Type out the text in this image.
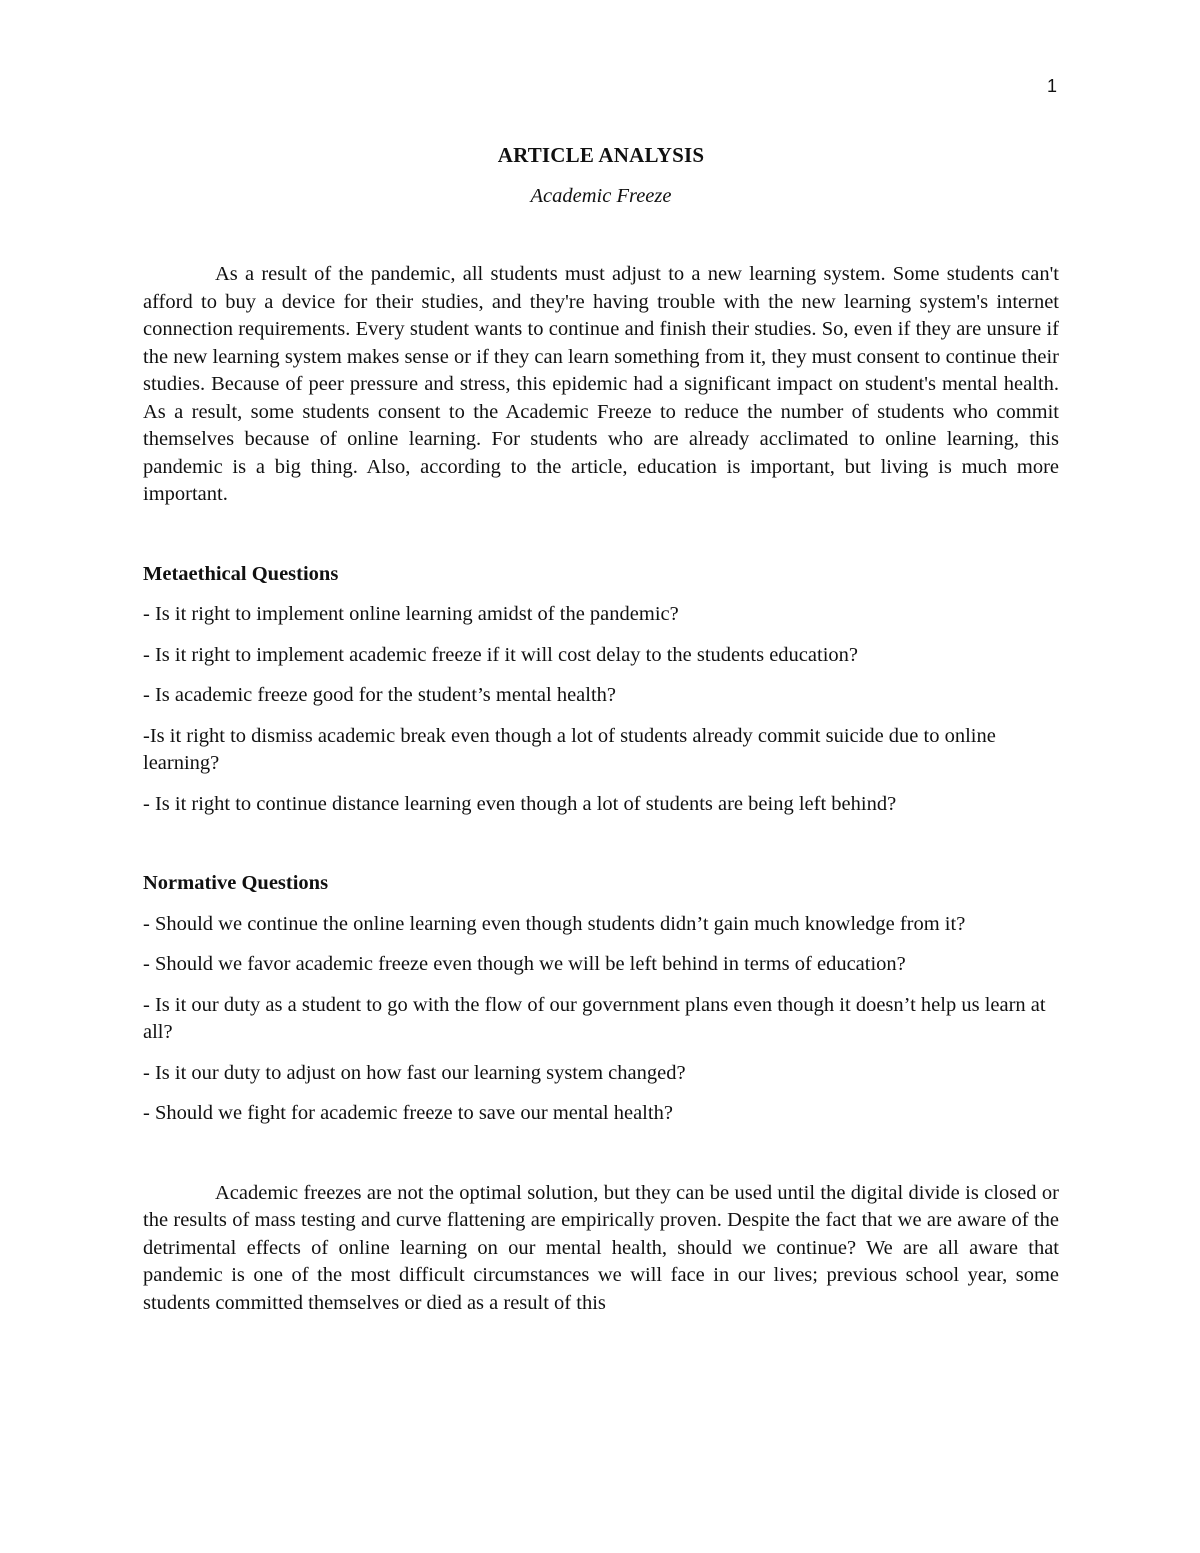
1
ARTICLE ANALYSIS
Academic Freeze

As a result of the pandemic, all students must adjust to a new learning system. Some students can't afford to buy a device for their studies, and they're having trouble with the new learning system's internet connection requirements. Every student wants to continue and finish their studies. So, even if they are unsure if the new learning system makes sense or if they can learn something from it, they must consent to continue their studies. Because of peer pressure and stress, this epidemic had a significant impact on student's mental health. As a result, some students consent to the Academic Freeze to reduce the number of students who commit themselves because of online learning. For students who are already acclimated to online learning, this pandemic is a big thing. Also, according to the article, education is important, but living is much more important.

Metaethical Questions
- Is it right to implement online learning amidst of the pandemic?
- Is it right to implement academic freeze if it will cost delay to the students education?
- Is academic freeze good for the student’s mental health?
-Is it right to dismiss academic break even though a lot of students already commit suicide due to online learning?
- Is it right to continue distance learning even though a lot of students are being left behind?
Normative Questions
- Should we continue the online learning even though students didn’t gain much knowledge from it?
- Should we favor academic freeze even though we will be left behind in terms of education?
- Is it our duty as a student to go with the flow of our government plans even though it doesn’t help us learn at all?
- Is it our duty to adjust on how fast our learning system changed?
- Should we fight for academic freeze to save our mental health?

Academic freezes are not the optimal solution, but they can be used until the digital divide is closed or the results of mass testing and curve flattening are empirically proven. Despite the fact that we are aware of the detrimental effects of online learning on our mental health, should we continue? We are all aware that pandemic is one of the most difficult circumstances we will face in our lives; previous school year, some students committed themselves or died as a result of this
